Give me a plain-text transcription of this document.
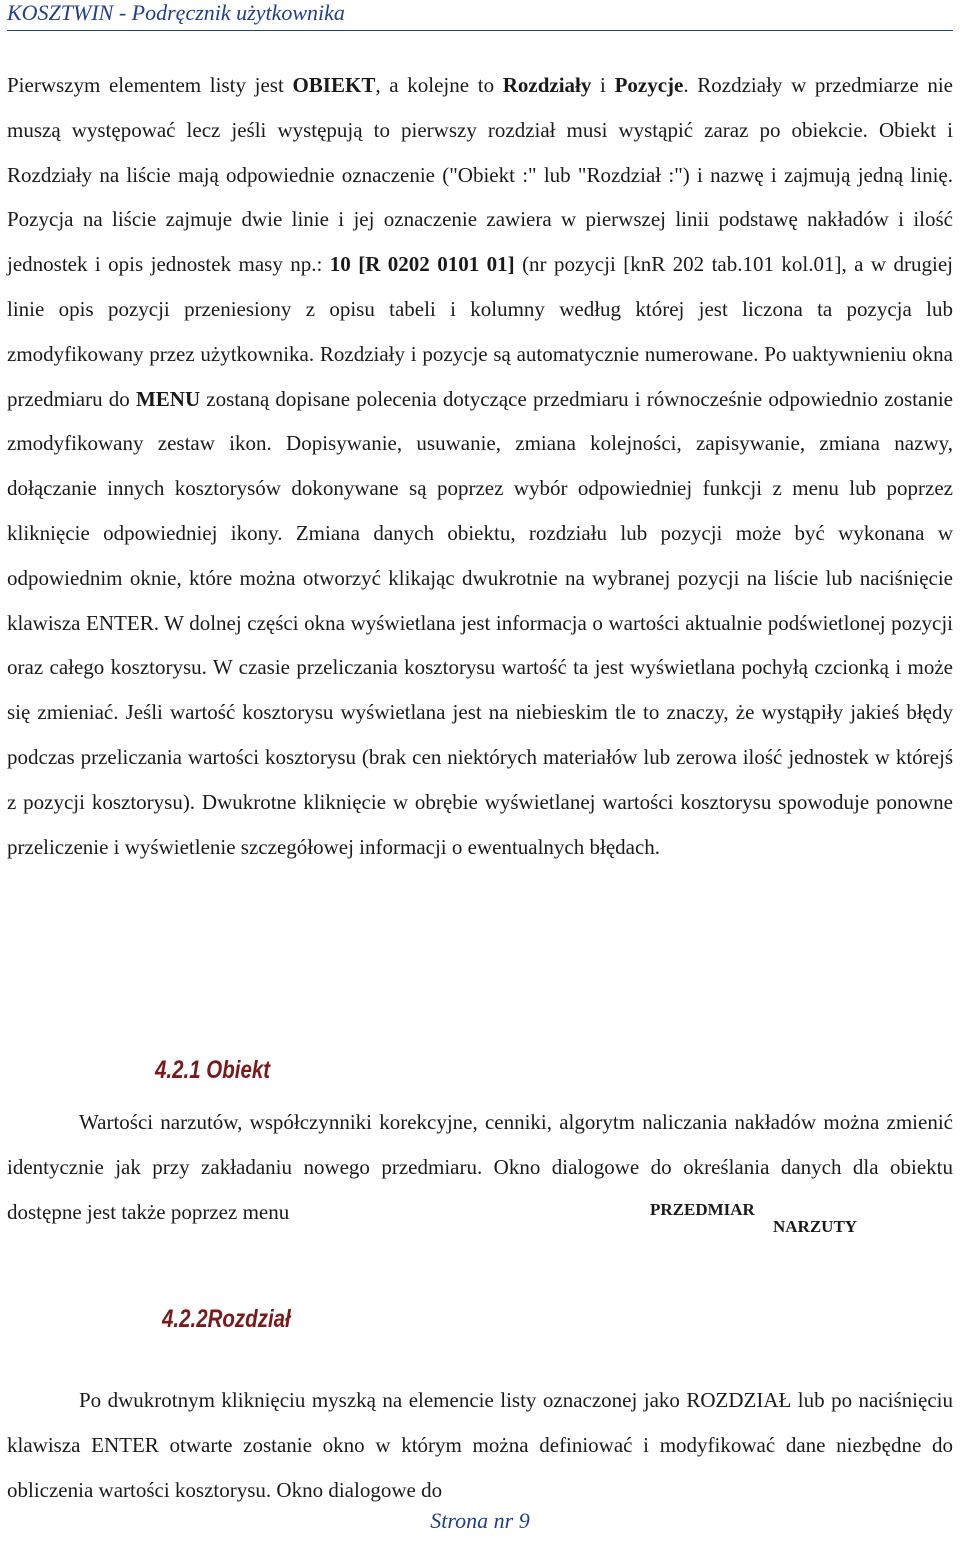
KOSZTWIN - Podręcznik użytkownika

Pierwszym elementem listy jest OBIEKT, a kolejne to Rozdziały i Pozycje. Rozdziały w przedmiarze nie muszą występować lecz jeśli występują to pierwszy rozdział musi wystąpić zaraz po obiekcie. Obiekt i Rozdziały na liście mają odpowiednie oznaczenie ("Obiekt :" lub "Rozdział :") i nazwę i zajmują jedną linię. Pozycja na liście zajmuje dwie linie i jej oznaczenie zawiera w pierwszej linii podstawę nakładów i ilość jednostek i opis jednostek masy np.: 10 [R 0202 0101 01] (nr pozycji [knR 202 tab.101 kol.01], a w drugiej linie opis pozycji przeniesiony z opisu tabeli i kolumny według której jest liczona ta pozycja lub zmodyfikowany przez użytkownika. Rozdziały i pozycje są automatycznie numerowane. Po uaktywnieniu okna przedmiaru do MENU zostaną dopisane polecenia dotyczące przedmiaru i równocześnie odpowiednio zostanie zmodyfikowany zestaw ikon. Dopisywanie, usuwanie, zmiana kolejności, zapisywanie, zmiana nazwy, dołączanie innych kosztorysów dokonywane są poprzez wybór odpowiedniej funkcji z menu lub poprzez kliknięcie odpowiedniej ikony. Zmiana danych obiektu, rozdziału lub pozycji może być wykonana w odpowiednim oknie, które można otworzyć klikając dwukrotnie na wybranej pozycji na liście lub naciśnięcie klawisza ENTER. W dolnej części okna wyświetlana jest informacja o wartości aktualnie podświetlonej pozycji oraz całego kosztorysu. W czasie przeliczania kosztorysu wartość ta jest wyświetlana pochyłą czcionką i może się zmieniać. Jeśli wartość kosztorysu wyświetlana jest na niebieskim tle to znaczy, że wystąpiły jakieś błędy podczas przeliczania wartości kosztorysu (brak cen niektórych materiałów lub zerowa ilość jednostek w którejś z pozycji kosztorysu). Dwukrotne kliknięcie w obrębie wyświetlanej wartości kosztorysu spowoduje ponowne przeliczenie i wyświetlenie szczegółowej informacji o ewentualnych błędach.

4.2.1 Obiekt

Wartości narzutów, współczynniki korekcyjne, cenniki, algorytm naliczania nakładów można zmienić identycznie jak przy zakładaniu nowego przedmiaru. Okno dialogowe do określania danych dla obiektu dostępne jest także poprzez menu	PRZEDMIAR
NARZUTY
4.2.2Rozdział

Po dwukrotnym kliknięciu myszką na elemencie listy oznaczonej jako ROZDZIAŁ lub po naciśnięciu klawisza ENTER otwarte zostanie okno w którym można definiować i modyfikować dane niezbędne do obliczenia wartości kosztorysu. Okno dialogowe do

Strona nr 9
